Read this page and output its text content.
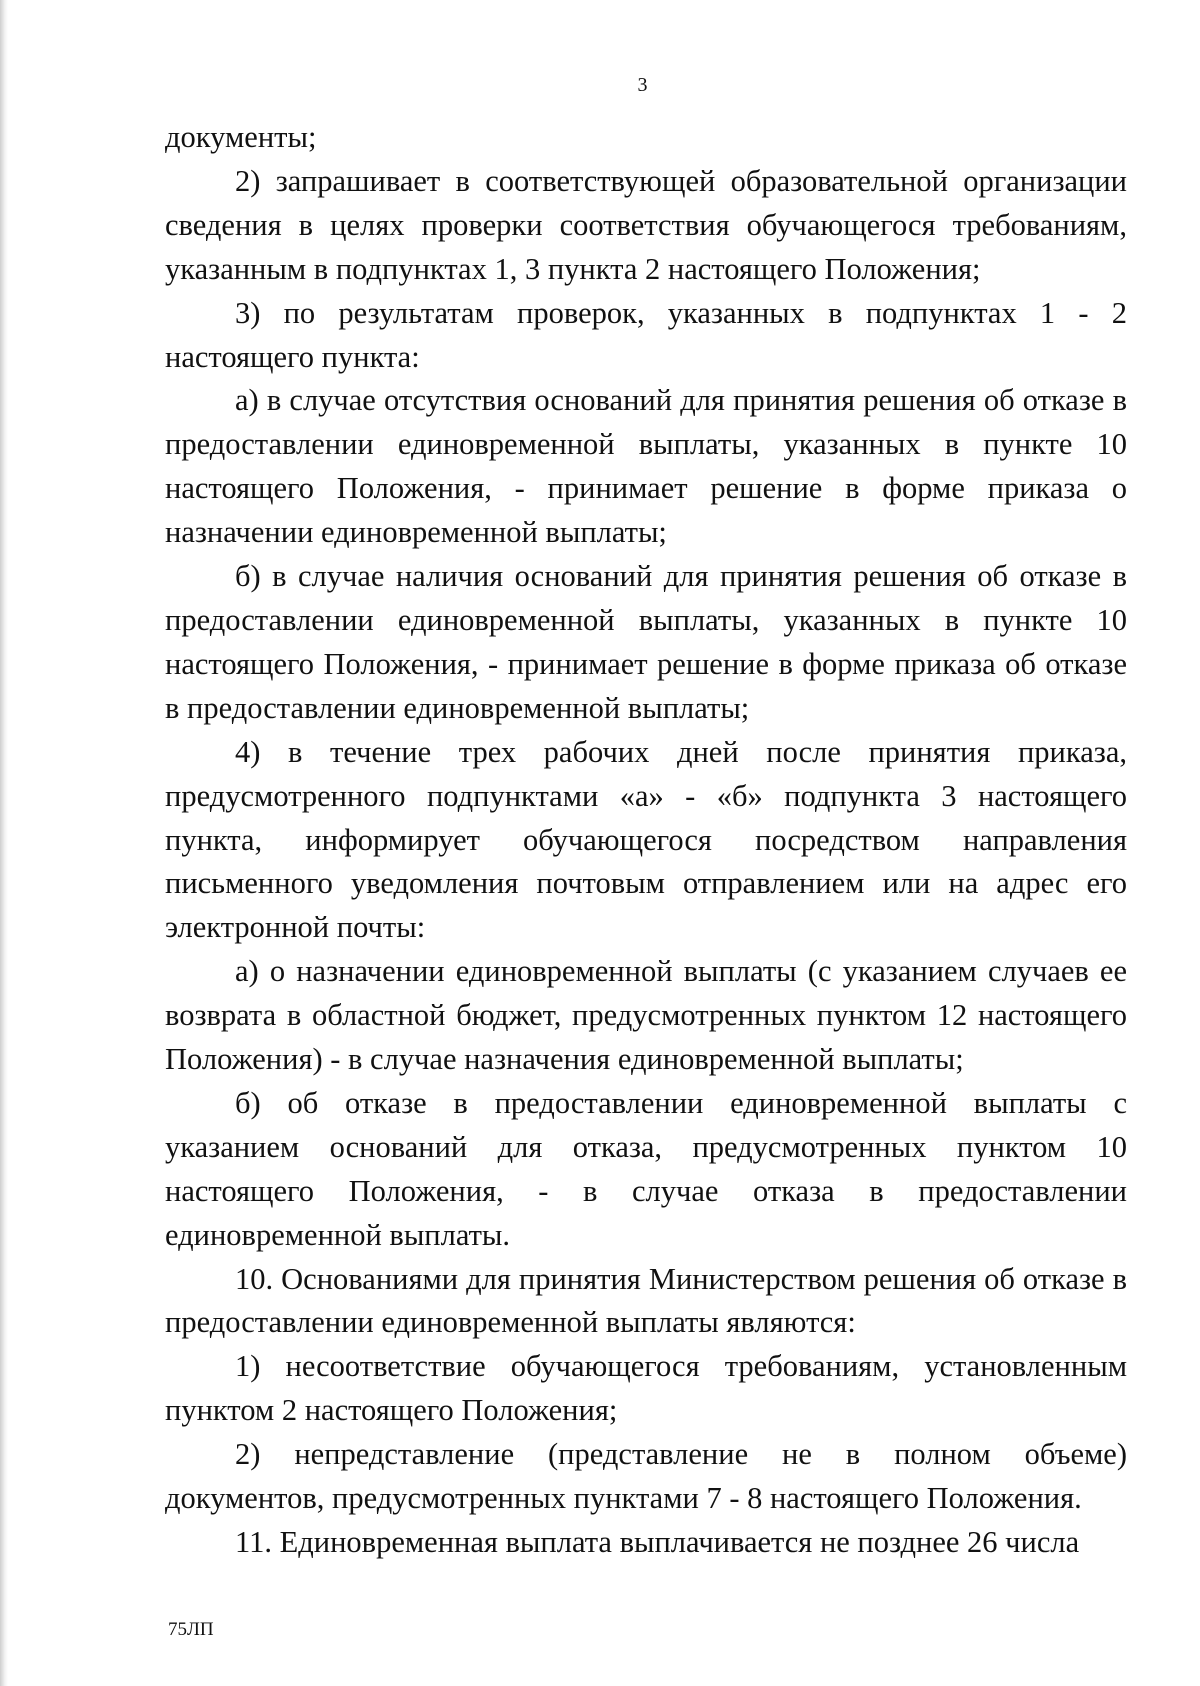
3

документы;

2) запрашивает в соответствующей образовательной организации сведения в целях проверки соответствия обучающегося требованиям, указанным в подпунктах 1, 3 пункта 2 настоящего Положения;

3) по результатам проверок, указанных в подпунктах 1 - 2 настоящего пункта:

а) в случае отсутствия оснований для принятия решения об отказе в предоставлении единовременной выплаты, указанных в пункте 10 настоящего Положения, - принимает решение в форме приказа о назначении единовременной выплаты;

б) в случае наличия оснований для принятия решения об отказе в предоставлении единовременной выплаты, указанных в пункте 10 настоящего Положения, - принимает решение в форме приказа об отказе в предоставлении единовременной выплаты;

4) в течение трех рабочих дней после принятия приказа, предусмотренного подпунктами «а» - «б» подпункта 3 настоящего пункта, информирует обучающегося посредством направления письменного уведомления почтовым отправлением или на адрес его электронной почты:

а) о назначении единовременной выплаты (с указанием случаев ее возврата в областной бюджет, предусмотренных пунктом 12 настоящего Положения) - в случае назначения единовременной выплаты;

б) об отказе в предоставлении единовременной выплаты с указанием оснований для отказа, предусмотренных пунктом 10 настоящего Положения, - в случае отказа в предоставлении единовременной выплаты.

10. Основаниями для принятия Министерством решения об отказе в предоставлении единовременной выплаты являются:

1) несоответствие обучающегося требованиям, установленным пунктом 2 настоящего Положения;

2) непредставление (представление не в полном объеме) документов, предусмотренных пунктами 7 - 8 настоящего Положения.

11. Единовременная выплата выплачивается не позднее 26 числа

75ЛП
